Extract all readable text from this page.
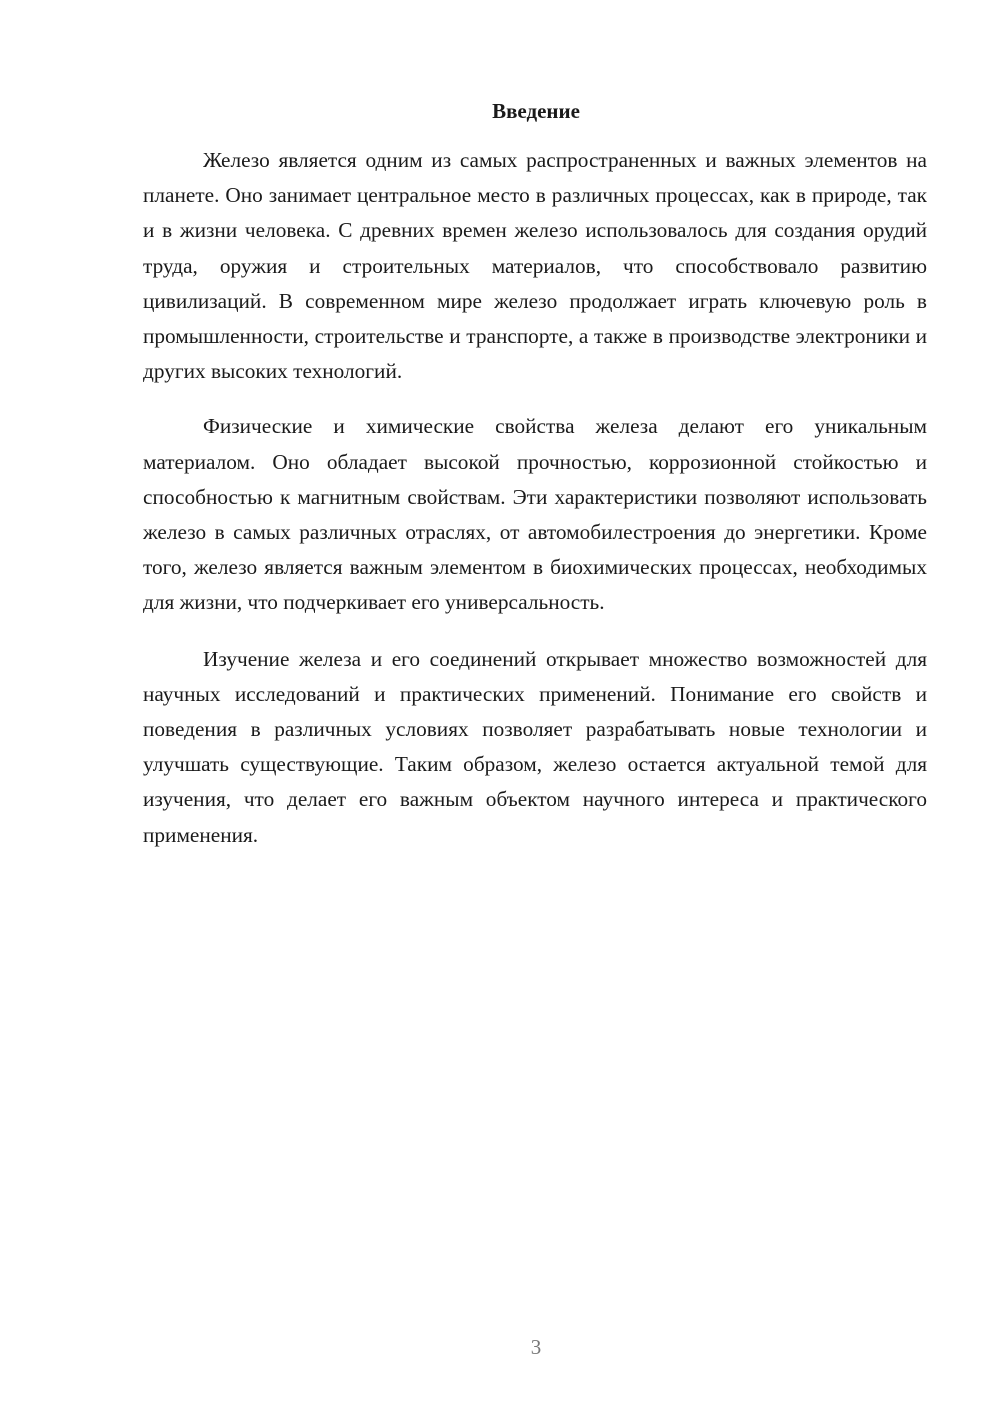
Введение

Железо является одним из самых распространенных и важных элементов на планете. Оно занимает центральное место в различных процессах, как в природе, так и в жизни человека. С древних времен железо использовалось для создания орудий труда, оружия и строительных материалов, что способствовало развитию цивилизаций. В современном мире железо продолжает играть ключевую роль в промышленности, строительстве и транспорте, а также в производстве электроники и других высоких технологий.

Физические и химические свойства железа делают его уникальным материалом. Оно обладает высокой прочностью, коррозионной стойкостью и способностью к магнитным свойствам. Эти характеристики позволяют использовать железо в самых различных отраслях, от автомобилестроения до энергетики. Кроме того, железо является важным элементом в биохимических процессах, необходимых для жизни, что подчеркивает его универсальность.

Изучение железа и его соединений открывает множество возможностей для научных исследований и практических применений. Понимание его свойств и поведения в различных условиях позволяет разрабатывать новые технологии и улучшать существующие. Таким образом, железо остается актуальной темой для изучения, что делает его важным объектом научного интереса и практического применения.

3
